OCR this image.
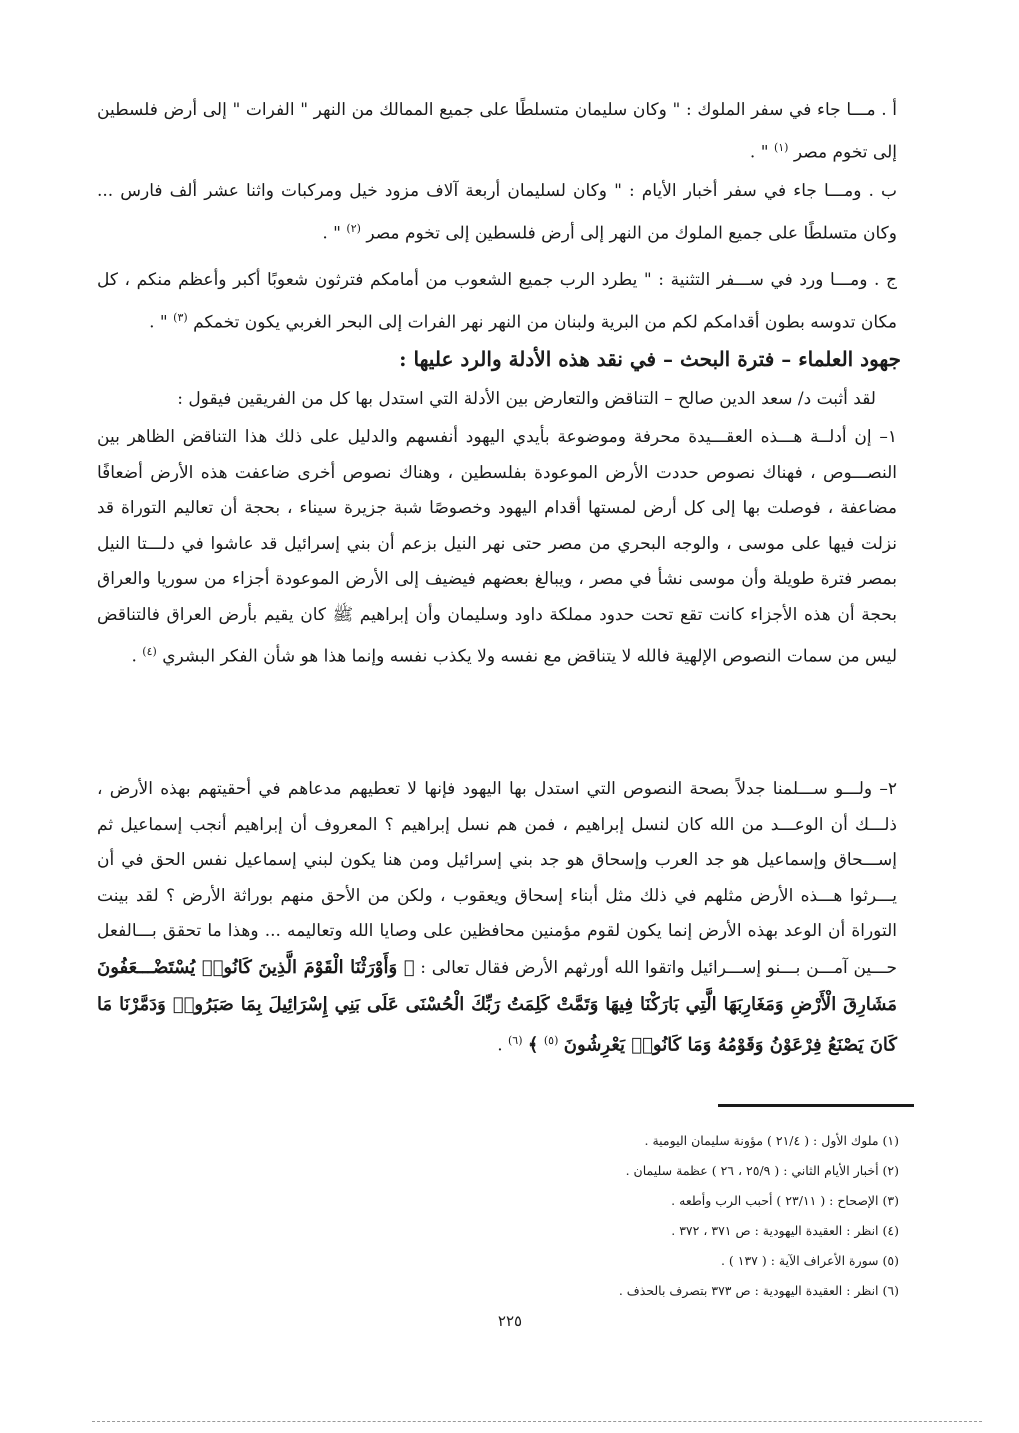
أ . مـــا جاء في سفر الملوك : " وكان سليمان متسلطًا على جميع الممالك من النهر " الفرات " إلى أرض فلسطين إلى تخوم مصر $^{(١)}$ " .

ب . ومـــا جاء في سفر أخبار الأيام : " وكان لسليمان أربعة آلاف مزود خيل ومركبات واثنا عشر ألف فارس ... وكان متسلطًا على جميع الملوك من النهر إلى أرض فلسطين إلى تخوم مصر $^{(٢)}$ " .

ج . ومـــا ورد في ســـفر التثنية : " يطرد الرب جميع الشعوب من أمامكم فترثون شعوبًا أكبر وأعظم منكم ، كل مكان تدوسه بطون أقدامكم لكم من البرية ولبنان من النهر نهر الفرات إلى البحر الغربي يكون تخمكم $^{(٣)}$ " .

جهود العلماء – فترة البحث – في نقد هذه الأدلة والرد عليها :
لقد أثبت د/ سعد الدين صالح – التناقض والتعارض بين الأدلة التي استدل بها كل من الفريقين فيقول :

١– إن أدلــة هـــذه العقـــيدة محرفة وموضوعة بأيدي اليهود أنفسهم والدليل على ذلك هذا التناقض الظاهر بين النصـــوص ، فهناك نصوص حددت الأرض الموعودة بفلسطين ، وهناك نصوص أخرى ضاعفت هذه الأرض أضعافًا مضاعفة ، فوصلت بها إلى كل أرض لمستها أقدام اليهود وخصوصًا شبة جزيرة سيناء ، بحجة أن تعاليم التوراة قد نزلت فيها على موسى ، والوجه البحري من مصر حتى نهر النيل بزعم أن بني إسرائيل قد عاشوا في دلـــتا النيل بمصر فترة طويلة وأن موسى نشأ في مصر ، ويبالغ بعضهم فيضيف إلى الأرض الموعودة أجزاء من سوريا والعراق بحجة أن هذه الأجزاء كانت تقع تحت حدود مملكة داود وسليمان وأن إبراهيم ﷺ كان يقيم بأرض العراق فالتناقض ليس من سمات النصوص الإلهية فالله لا يتناقض مع نفسه ولا يكذب نفسه وإنما هذا هو شأن الفكر البشري $^{(٤)}$ .

٢– ولـــو ســـلمنا جدلاً بصحة النصوص التي استدل بها اليهود فإنها لا تعطيهم مدعاهم في أحقيتهم بهذه الأرض ، ذلـــك أن الوعـــد من الله كان لنسل إبراهيم ، فمن هم نسل إبراهيم ؟ المعروف أن إبراهيم أنجب إسماعيل ثم إســـحاق وإسماعيل هو جد العرب وإسحاق هو جد بني إسرائيل ومن هنا يكون لبني إسماعيل نفس الحق في أن يـــرثوا هـــذه الأرض مثلهم في ذلك مثل أبناء إسحاق ويعقوب ، ولكن من الأحق منهم بوراثة الأرض ؟ لقد بينت التوراة أن الوعد بهذه الأرض إنما يكون لقوم مؤمنين محافظين على وصايا الله وتعاليمه ... وهذا ما تحقق بـــالفعل حـــين آمـــن بـــنو إســـرائيل واتقوا الله أورثهم الأرض فقال تعالى : ﴿ وَأَوْرَثْنَا الْقَوْمَ الَّذِينَ كَانُوا۟ يُسْتَضْـــعَفُونَ مَشَارِقَ الْأَرْضِ وَمَغَارِبَهَا الَّتِي بَارَكْنَا فِيهَا وَتَمَّتْ كَلِمَتُ رَبِّكَ الْحُسْنَى عَلَى بَنِي إِسْرَائِيلَ بِمَا صَبَرُوا۟ وَدَمَّرْنَا مَا كَانَ يَصْنَعُ فِرْعَوْنُ وَقَوْمُهُ وَمَا كَانُوا۟ يَعْرِشُونَ $^{(٥)}$ ﴾ $^{(٦)}$ .

(١) ملوك الأول : ( ٢١/٤ ) مؤونة سليمان اليومية .
(٢) أخبار الأيام الثاني : ( ٢٥/٩ ، ٢٦ ) عظمة سليمان .
(٣) الإصحاح : ( ٢٣/١١ ) أحبب الرب وأطعه .
(٤) انظر : العقيدة اليهودية : ص ٣٧١ ، ٣٧٢ .
(٥) سورة الأعراف الآية : ( ١٣٧ ) .
(٦) انظر : العقيدة اليهودية : ص ٣٧٣ بتصرف بالحذف .
٢٢٥
